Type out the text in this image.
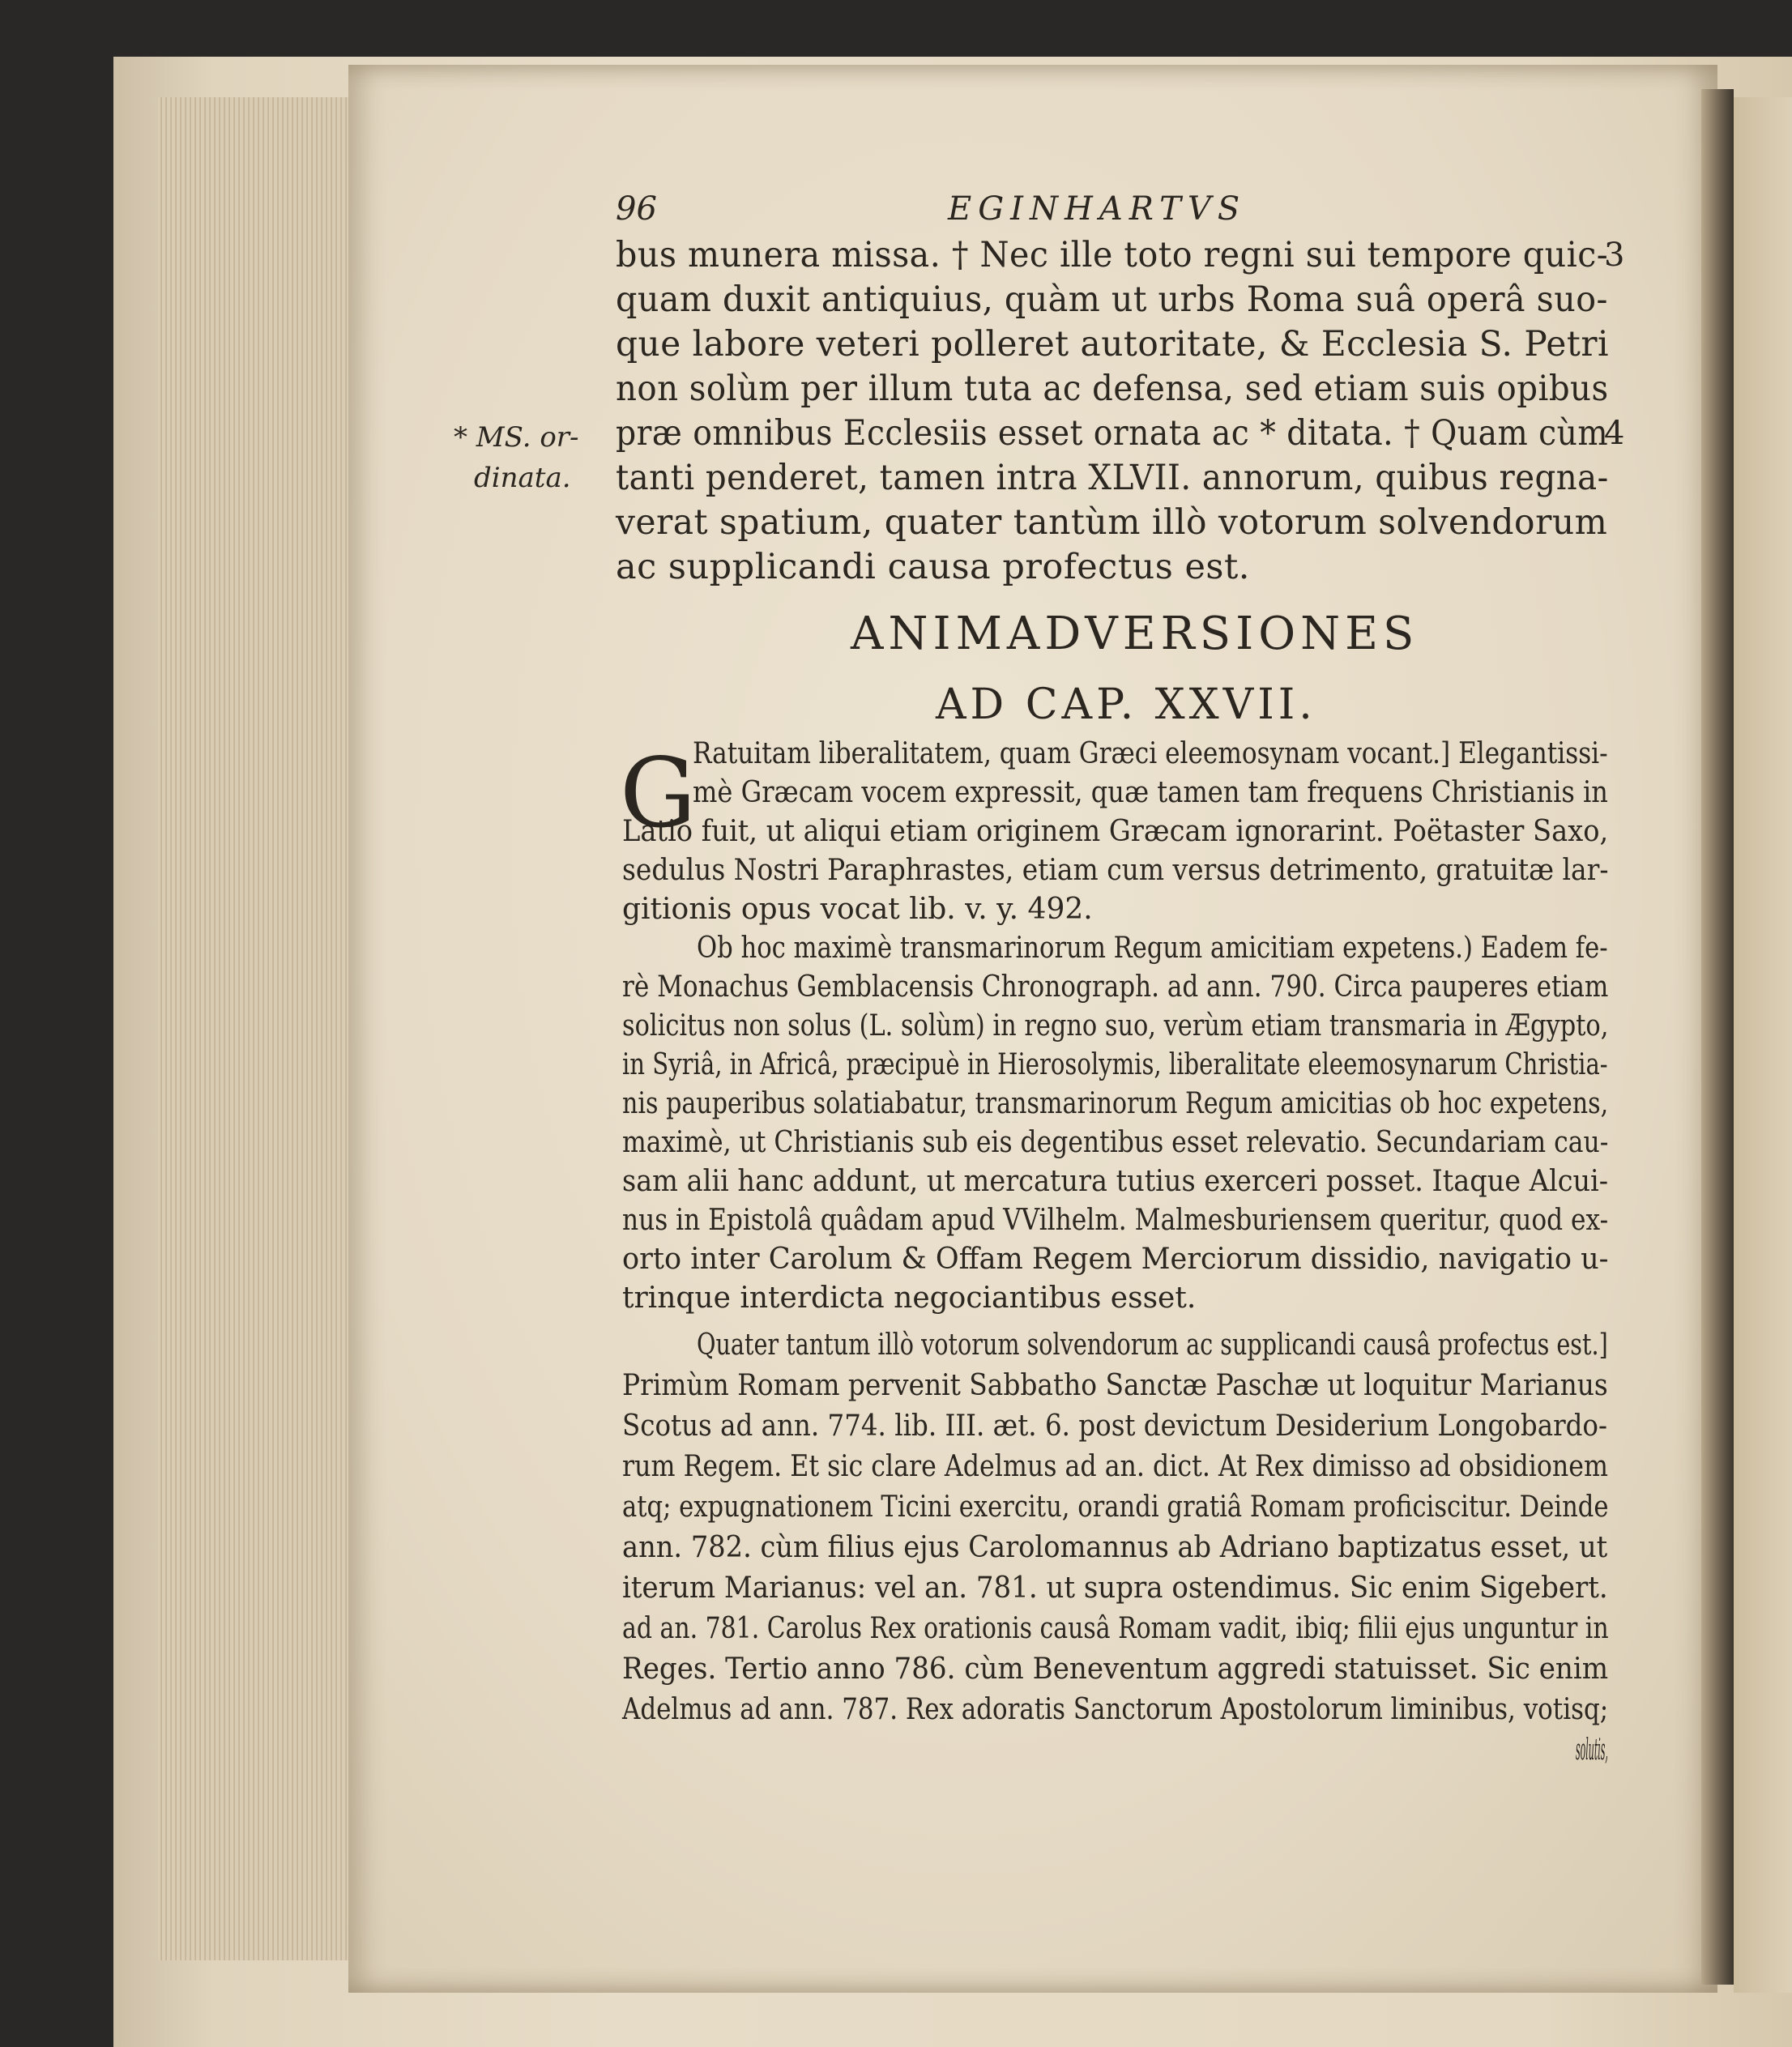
96	EGINHARTVS
bus munera missa. † Nec ille toto regni sui tempore quic-
quam duxit antiquius, quàm ut urbs Roma suâ operâ suo-
que labore veteri polleret autoritate, & Ecclesia S. Petri
non solùm per illum tuta ac defensa, sed etiam suis opibus
præ omnibus Ecclesiis esset ornata ac * ditata. † Quam cùm
tanti penderet, tamen intra XLVII. annorum, quibus regna-
verat spatium, quater tantùm illò votorum solvendorum
ac supplicandi causa profectus est.
3
4
* MS. or-
dinata.
ANIMADVERSIONES
AD CAP. XXVII.
G
Ratuitam liberalitatem, quam Græci eleemosynam vocant.] Elegantissi-
mè Græcam vocem expressit, quæ tamen tam frequens Christianis in
Latio fuit, ut aliqui etiam originem Græcam ignorarint. Poëtaster Saxo,
sedulus Nostri Paraphrastes, etiam cum versus detrimento, gratuitæ lar-
gitionis opus vocat lib. v. y. 492.
Ob hoc maximè transmarinorum Regum amicitiam expetens.) Eadem fe-
rè Monachus Gemblacensis Chronograph. ad ann. 790. Circa pauperes etiam
solicitus non solus (L. solùm) in regno suo, verùm etiam transmaria in Ægypto,
in Syriâ, in Africâ, præcipuè in Hierosolymis, liberalitate eleemosynarum Christia-
nis pauperibus solatiabatur, transmarinorum Regum amicitias ob hoc expetens,
maximè, ut Christianis sub eis degentibus esset relevatio. Secundariam cau-
sam alii hanc addunt, ut mercatura tutius exerceri posset. Itaque Alcui-
nus in Epistolâ quâdam apud VVilhelm. Malmesburiensem queritur, quod ex-
orto inter Carolum & Offam Regem Merciorum dissidio, navigatio u-
trinque interdicta negociantibus esset.
Quater tantum illò votorum solvendorum ac supplicandi causâ profectus est.]
Primùm Romam pervenit Sabbatho Sanctæ Paschæ ut loquitur Marianus
Scotus ad ann. 774. lib. III. æt. 6. post devictum Desiderium Longobardo-
rum Regem. Et sic clare Adelmus ad an. dict. At Rex dimisso ad obsidionem
atq; expugnationem Ticini exercitu, orandi gratiâ Romam proficiscitur. Deinde
ann. 782. cùm filius ejus Carolomannus ab Adriano baptizatus esset, ut
iterum Marianus: vel an. 781. ut supra ostendimus. Sic enim Sigebert.
ad an. 781. Carolus Rex orationis causâ Romam vadit, ibiq; filii ejus unguntur in
Reges. Tertio anno 786. cùm Beneventum aggredi statuisset. Sic enim
Adelmus ad ann. 787. Rex adoratis Sanctorum Apostolorum liminibus, votisq;
solutis,
